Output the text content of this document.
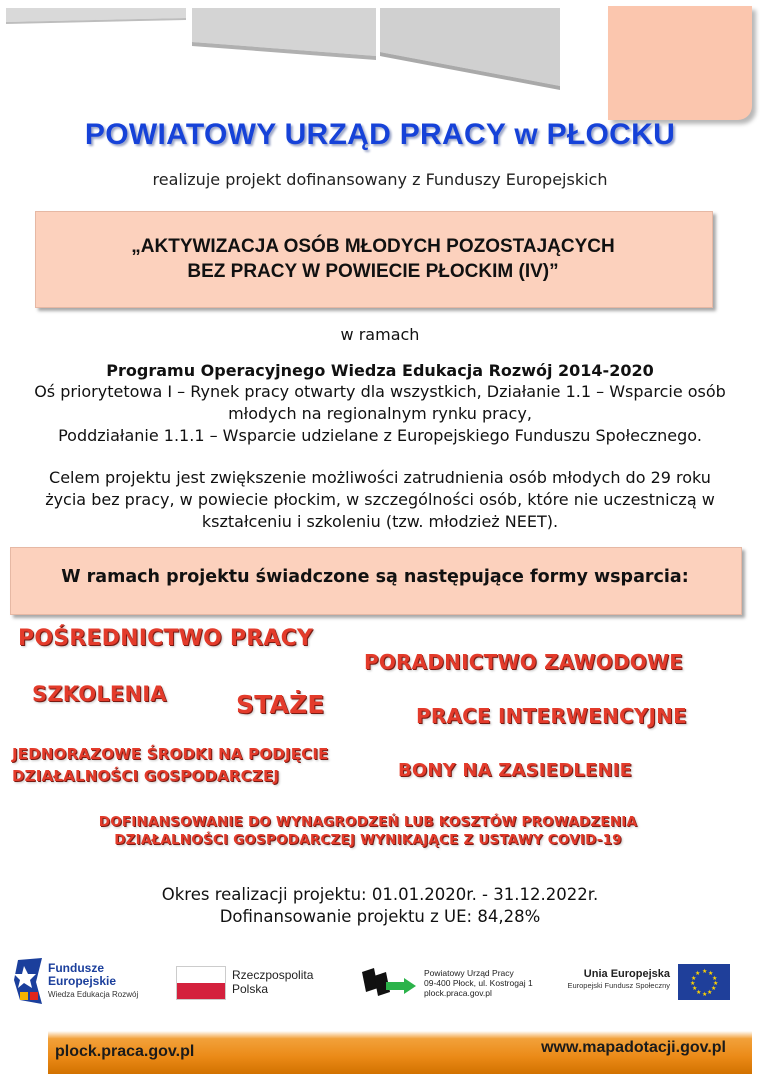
POWIATOWY URZĄD PRACY w PŁOCKU
realizuje projekt dofinansowany z Funduszy Europejskich
„AKTYWIZACJA OSÓB MŁODYCH POZOSTAJĄCYCH
BEZ PRACY W POWIECIE PŁOCKIM (IV)”
w ramach
Programu Operacyjnego Wiedza Edukacja Rozwój 2014-2020
Oś priorytetowa I – Rynek pracy otwarty dla wszystkich, Działanie 1.1 – Wsparcie osób
młodych na regionalnym rynku pracy,
Poddziałanie 1.1.1 – Wsparcie udzielane z Europejskiego Funduszu Społecznego.
Celem projektu jest zwiększenie możliwości zatrudnienia osób młodych do 29 roku
życia bez pracy, w powiecie płockim, w szczególności osób, które nie uczestniczą w
kształceniu i szkoleniu (tzw. młodzież NEET).
W ramach projektu świadczone są następujące formy wsparcia:
POŚREDNICTWO PRACY
PORADNICTWO ZAWODOWE
SZKOLENIA	STAŻE	PRACE INTERWENCYJNE
JEDNORAZOWE ŚRODKI NA PODJĘCIE
DZIAŁALNOŚCI GOSPODARCZEJ	BONY NA ZASIEDLENIE
DOFINANSOWANIE DO WYNAGRODZEŃ LUB KOSZTÓW PROWADZENIA
DZIAŁALNOŚCI GOSPODARCZEJ WYNIKAJĄCE Z USTAWY COVID-19
Okres realizacji projektu: 01.01.2020r. - 31.12.2022r.
Dofinansowanie projektu z UE: 84,28%
Fundusze
Europejskie
Wiedza Edukacja Rozwój
Rzeczpospolita
Polska
Powiatowy Urząd Pracy
09-400 Płock, ul. Kostrogaj 1
plock.praca.gov.pl
Unia Europejska
Europejski Fundusz Społeczny
★ ★
★
★
★
★
★
★
★
★
★
★
plock.praca.gov.pl	www.mapadotacji.gov.pl
